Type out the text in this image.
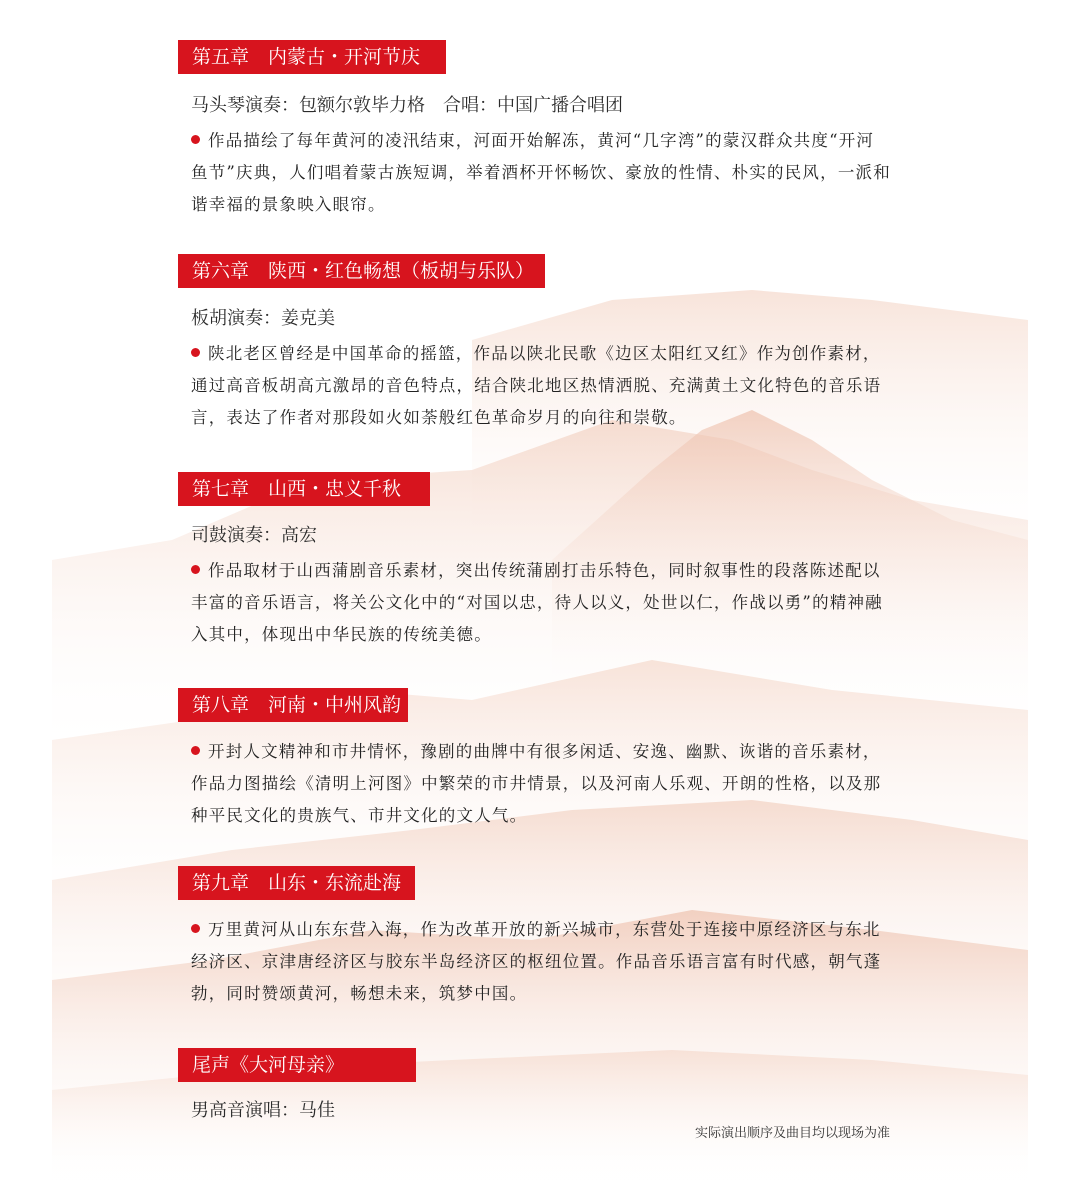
第五章　内蒙古・开河节庆
马头琴演奏：包额尔敦毕力格　合唱：中国广播合唱团
作品描绘了每年黄河的凌汛结束，河面开始解冻，黄河“几字湾”的蒙汉群众共度“开河鱼节”庆典，人们唱着蒙古族短调，举着酒杯开怀畅饮、豪放的性情、朴实的民风，一派和谐幸福的景象映入眼帘。
第六章　陕西・红色畅想（板胡与乐队）
板胡演奏：姜克美
陕北老区曾经是中国革命的摇篮，作品以陕北民歌《边区太阳红又红》作为创作素材，通过高音板胡高亢激昂的音色特点，结合陕北地区热情洒脱、充满黄土文化特色的音乐语言，表达了作者对那段如火如荼般红色革命岁月的向往和崇敬。
第七章　山西・忠义千秋
司鼓演奏：高宏
作品取材于山西蒲剧音乐素材，突出传统蒲剧打击乐特色，同时叙事性的段落陈述配以丰富的音乐语言，将关公文化中的“对国以忠，待人以义，处世以仁，作战以勇”的精神融入其中，体现出中华民族的传统美德。
第八章　河南・中州风韵
开封人文精神和市井情怀，豫剧的曲牌中有很多闲适、安逸、幽默、诙谐的音乐素材，作品力图描绘《清明上河图》中繁荣的市井情景，以及河南人乐观、开朗的性格，以及那种平民文化的贵族气、市井文化的文人气。
第九章　山东・东流赴海
万里黄河从山东东营入海，作为改革开放的新兴城市，东营处于连接中原经济区与东北经济区、京津唐经济区与胶东半岛经济区的枢纽位置。作品音乐语言富有时代感，朝气蓬勃，同时赞颂黄河，畅想未来，筑梦中国。
尾声《大河母亲》
男高音演唱：马佳
实际演出顺序及曲目均以现场为准
